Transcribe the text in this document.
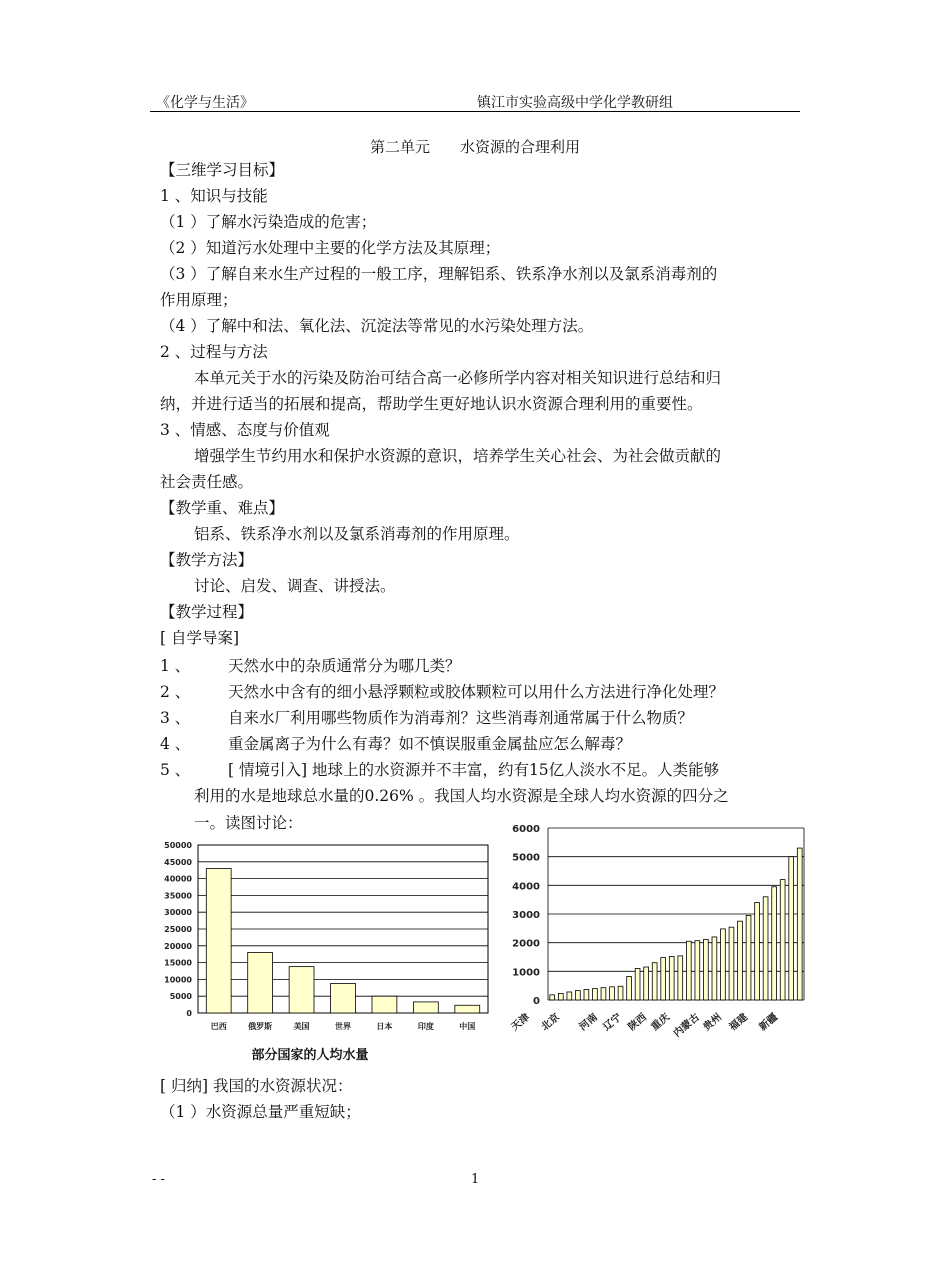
《化学与生活》	镇江市实验高级中学化学教研组
第二单元　　水资源的合理利用
【三维学习目标】
1 、知识与技能
（1 ）了解水污染造成的危害；
（2 ）知道污水处理中主要的化学方法及其原理；
（3 ）了解自来水生产过程的一般工序，理解铝系、铁系净水剂以及氯系消毒剂的
作用原理；
（4 ）了解中和法、氧化法、沉淀法等常见的水污染处理方法。
2 、过程与方法
本单元关于水的污染及防治可结合高一必修所学内容对相关知识进行总结和归
纳，并进行适当的拓展和提高，帮助学生更好地认识水资源合理利用的重要性。
3 、情感、态度与价值观
增强学生节约用水和保护水资源的意识，培养学生关心社会、为社会做贡献的
社会责任感。
【教学重、难点】
铝系、铁系净水剂以及氯系消毒剂的作用原理。
【教学方法】
讨论、启发、调查、讲授法。
【教学过程】
[ 自学导案]
1 、 天然水中的杂质通常分为哪几类？
2 、 天然水中含有的细小悬浮颗粒或胶体颗粒可以用什么方法进行净化处理？
3 、 自来水厂利用哪些物质作为消毒剂？这些消毒剂通常属于什么物质？
4 、 重金属离子为什么有毒？如不慎误服重金属盐应怎么解毒？
5 、 [ 情境引入] 地球上的水资源并不丰富，约有15亿人淡水不足。人类能够
利用的水是地球总水量的0.26% 。我国人均水资源是全球人均水资源的四分之
一。读图讨论：
0
5000
10000
15000
20000
25000
30000
35000
40000
45000
50000
巴西	俄罗斯	美国	世界	日本	印度	中国
部分国家的人均水量
0
1000
2000
3000
4000
5000
6000
天津 北京 河南 辽宁 陕西 重庆 内蒙古 贵州 福建 新疆
[ 归纳] 我国的水资源状况：
（1 ）水资源总量严重短缺；
- -	1
